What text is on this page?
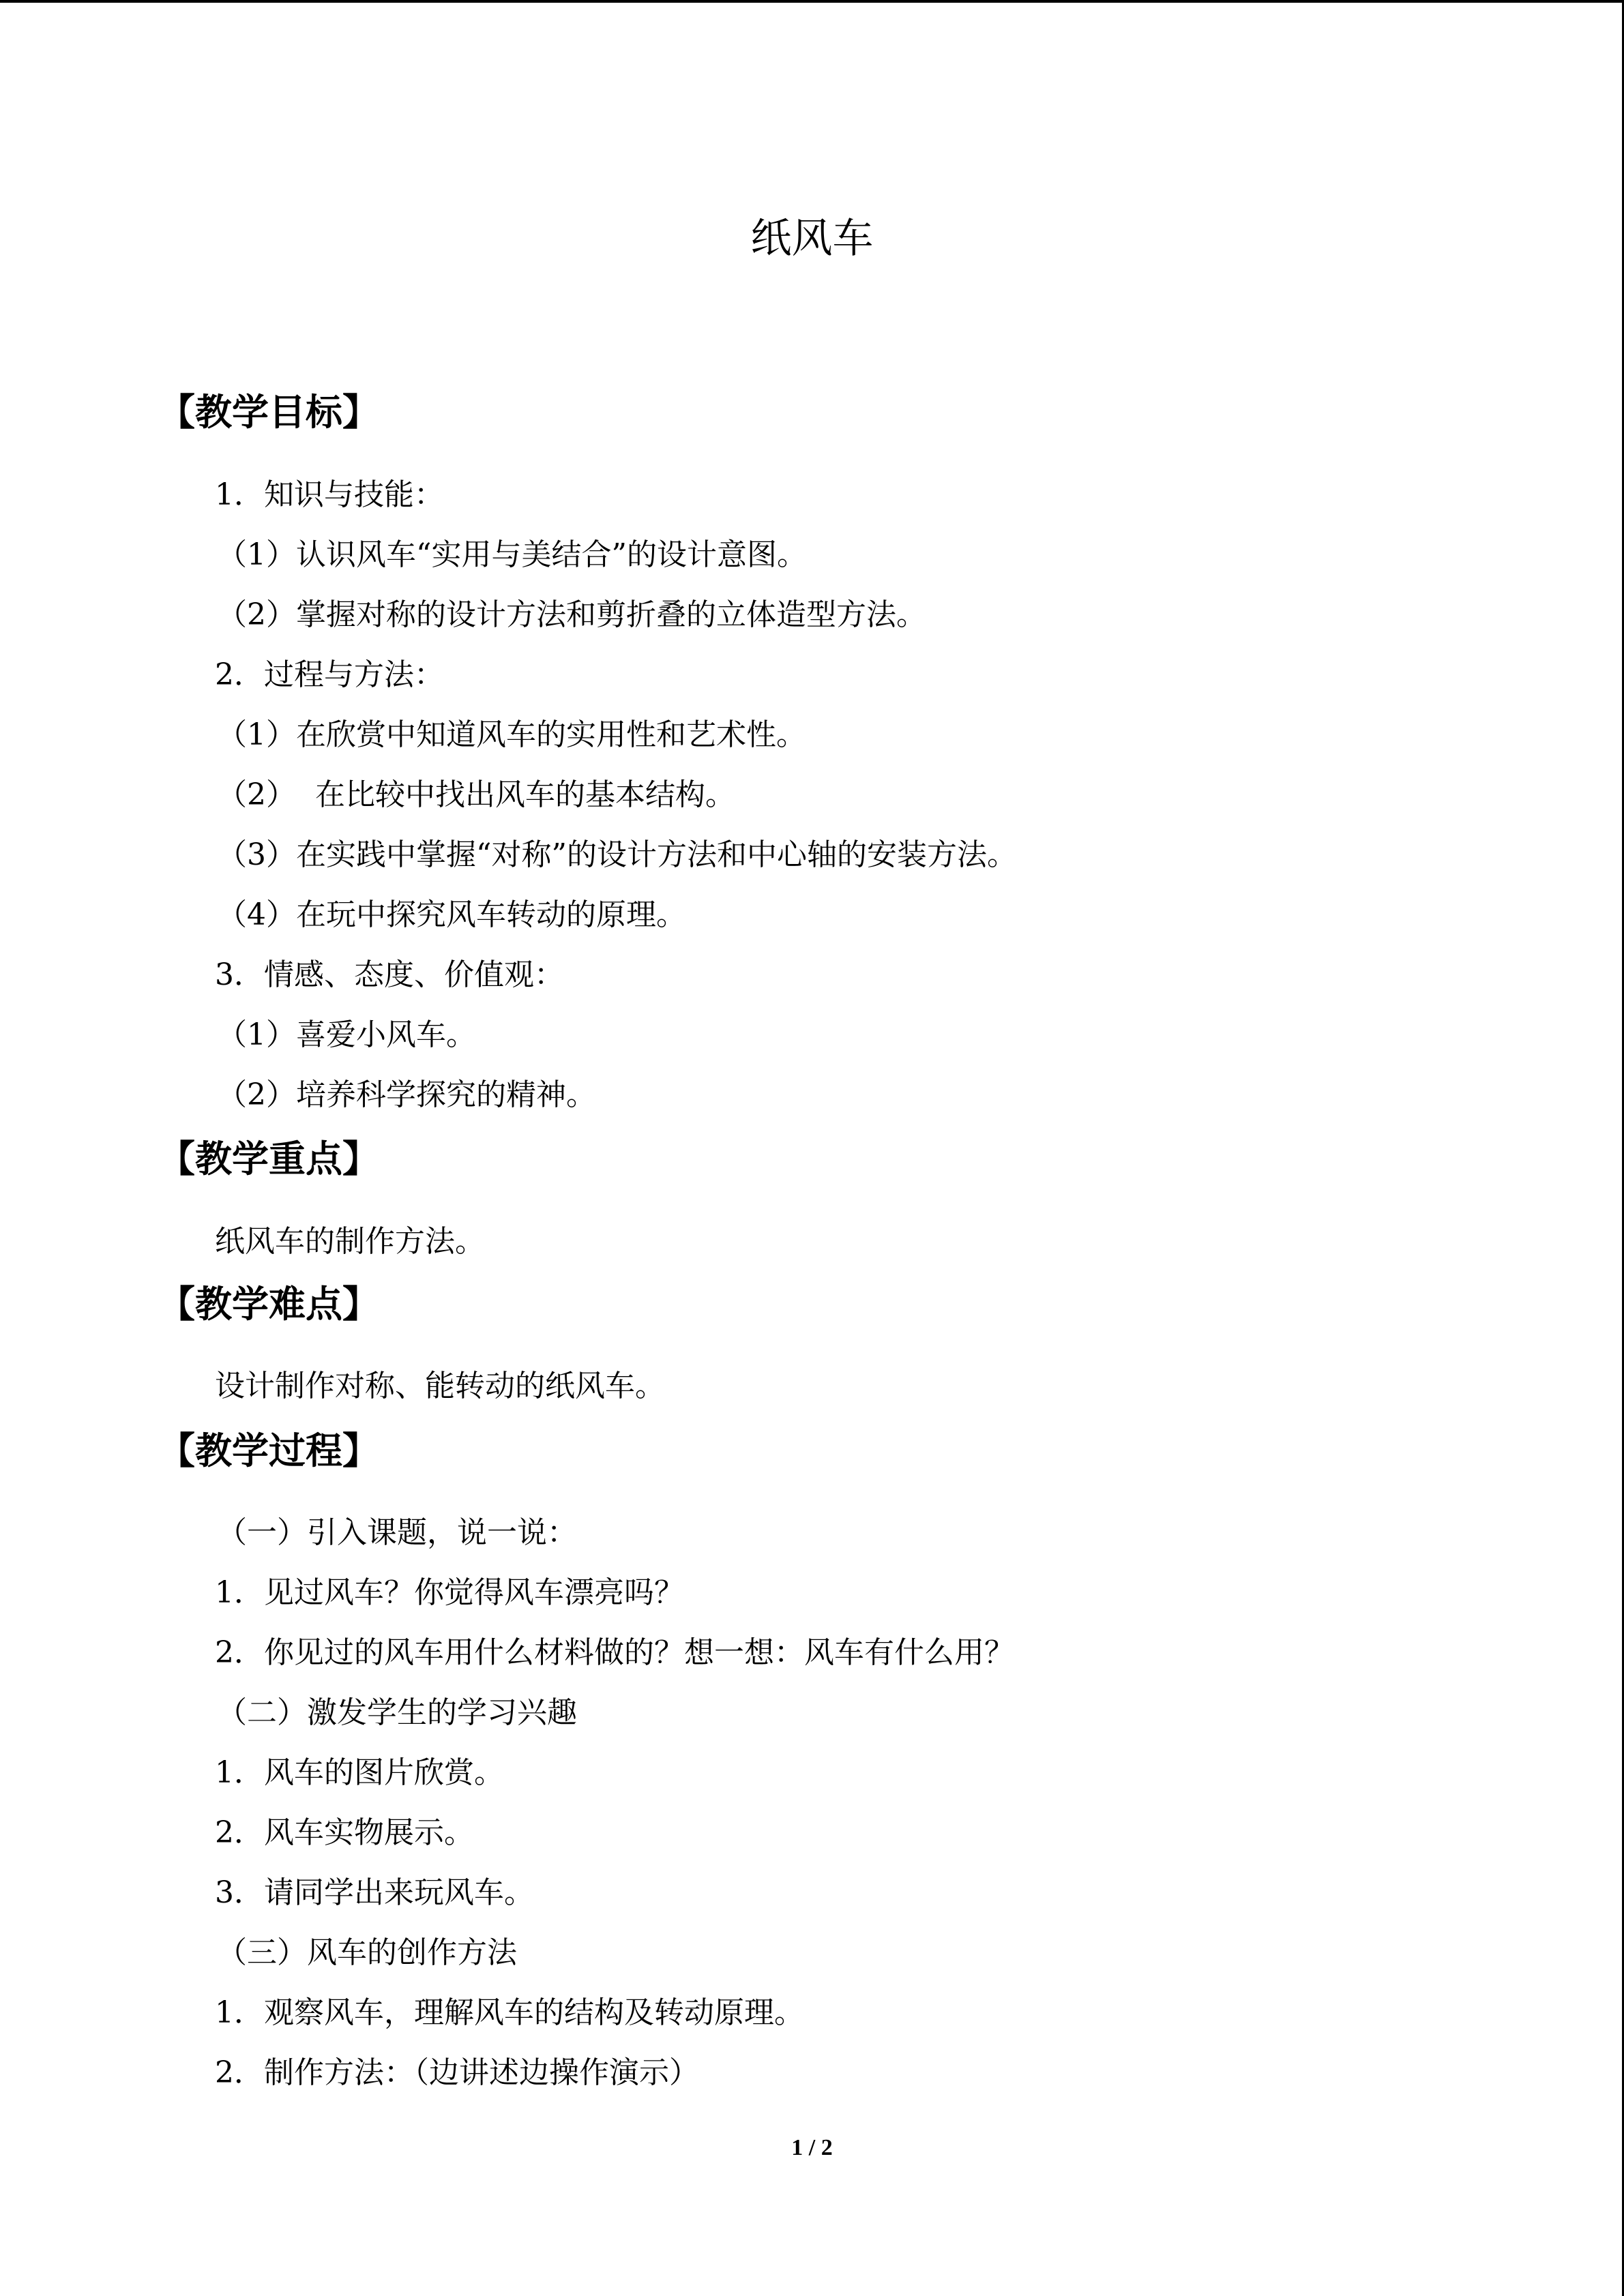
纸风车
【教学目标】
1．知识与技能：
（1）认识风车“实用与美结合”的设计意图。
（2）掌握对称的设计方法和剪折叠的立体造型方法。
2．过程与方法：
（1）在欣赏中知道风车的实用性和艺术性。
（2）  在比较中找出风车的基本结构。
（3）在实践中掌握“对称”的设计方法和中心轴的安装方法。
（4）在玩中探究风车转动的原理。
3．情感、态度、价值观：
（1）喜爱小风车。
（2）培养科学探究的精神。
【教学重点】
纸风车的制作方法。
【教学难点】
设计制作对称、能转动的纸风车。
【教学过程】
（一）引入课题，说一说：
1．见过风车？你觉得风车漂亮吗？
2．你见过的风车用什么材料做的？想一想：风车有什么用？
（二）激发学生的学习兴趣
1．风车的图片欣赏。
2．风车实物展示。
3．请同学出来玩风车。
（三）风车的创作方法
1．观察风车，理解风车的结构及转动原理。
2．制作方法：（边讲述边操作演示）
1 / 2
